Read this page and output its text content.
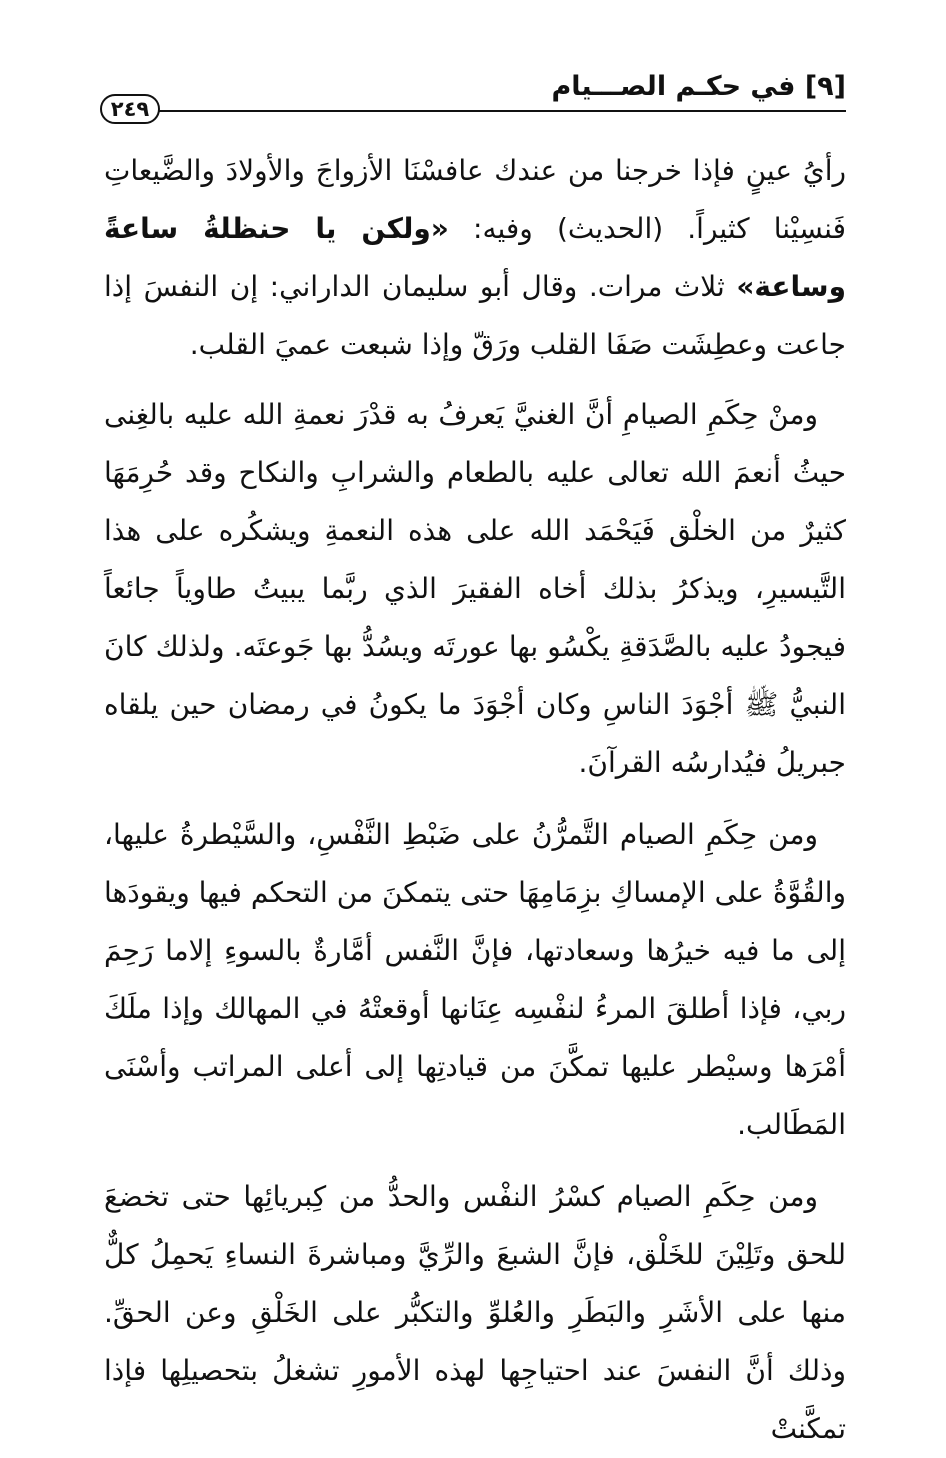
[٩] في حكـم الصـــيام
٢٤٩

رأيُ عينٍ فإذا خرجنا من عندك عافسْنَا الأزواجَ والأولادَ والضَّيعاتِ فَنسِيْنا كثيراً. (الحديث) وفيه: «ولكن يا حنظلةُ ساعةً وساعة» ثلاث مرات. وقال أبو سليمان الداراني: إن النفسَ إذا جاعت وعطِشَت صَفَا القلب ورَقّ وإذا شبعت عميَ القلب.

ومنْ حِكَمِ الصيامِ أنَّ الغنيَّ يَعرفُ به قدْرَ نعمةِ الله عليه بالغِنى حيثُ أنعمَ الله تعالى عليه بالطعام والشرابِ والنكاح وقد حُرِمَهَا كثيرٌ من الخلْق فَيَحْمَد الله على هذه النعمةِ ويشكُره على هذا التَّيسيرِ، ويذكرُ بذلك أخاه الفقيرَ الذي ربَّما يبيتُ طاوياً جائعاً فيجودُ عليه بالصَّدَقةِ يكْسُو بها عورتَه ويسُدُّ بها جَوعتَه. ولذلك كانَ النبيُّ ﷺ أجْوَدَ الناسِ وكان أجْوَدَ ما يكونُ في رمضان حين يلقاه جبريلُ فيُدارسُه القرآنَ.

ومن حِكَمِ الصيام التَّمرُّنُ على ضَبْطِ النَّفْسِ، والسَّيْطرةُ عليها، والقُوَّةُ على الإمساكِ بزِمَامِهَا حتى يتمكنَ من التحكم فيها ويقودَها إلى ما فيه خيرُها وسعادتها، فإنَّ النَّفس أمَّارةٌ بالسوءِ إلاما رَحِمَ ربي، فإذا أطلقَ المرءُ لنفْسِه عِنَانها أوقعتْهُ في المهالك وإذا ملَكَ أمْرَها وسيْطر عليها تمكَّنَ من قيادتِها إلى أعلى المراتب وأسْنَى المَطَالب.

ومن حِكَمِ الصيام كسْرُ النفْس والحدُّ من كِبريائِها حتى تخضعَ للحق وتَلِيْنَ للخَلْق، فإنَّ الشبعَ والرِّيَّ ومباشرةَ النساءِ يَحمِلُ كلٌّ منها على الأشَرِ والبَطَرِ والعُلوِّ والتكبُّر على الخَلْقِ وعن الحقِّ. وذلك أنَّ النفسَ عند احتياجِها لهذه الأمورِ تشغلُ بتحصيلِها فإذا تمكَّنتْ
